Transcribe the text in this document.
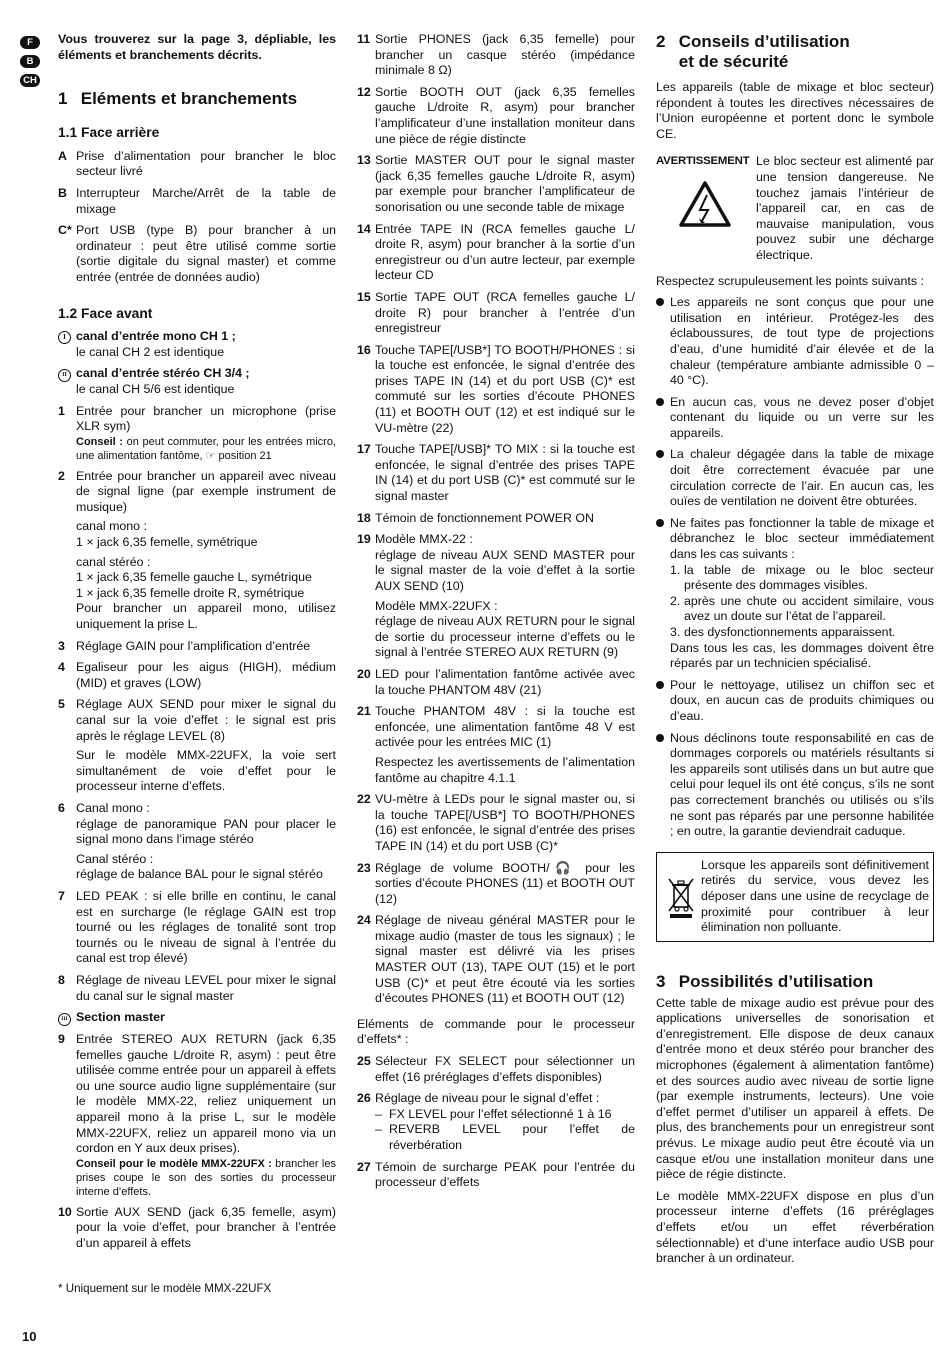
F
B
CH

Vous trouverez sur la page 3, dépliable, les éléments et branchements décrits.

1 Eléments et branchements
1.1 Face arrière
A Prise d’alimentation pour brancher le bloc secteur livré
B Interrupteur Marche/Arrêt de la table de mixage
C* Port USB (type B) pour brancher à un ordinateur : peut être utilisé comme sortie (sortie digitale du signal master) et comme entrée (entrée de données audio)
1.2 Face avant
I canal d’entrée mono CH 1 ;
le canal CH 2 est identique
II canal d’entrée stéréo CH 3/4 ;
le canal CH 5/6 est identique
1 Entrée pour brancher un microphone (prise XLR sym)
Conseil : on peut commuter, pour les entrées micro, une alimentation fantôme, ☞ position 21
2 Entrée pour brancher un appareil avec niveau de signal ligne (par exemple instrument de musique)
canal mono :
1 × jack 6,35 femelle, symétrique
canal stéréo :
1 × jack 6,35 femelle gauche L, symétrique
1 × jack 6,35 femelle droite R, symétrique
Pour brancher un appareil mono, utilisez uniquement la prise L.
3 Réglage GAIN pour l’amplification d’entrée
4 Egaliseur pour les aigus (HIGH), médium (MID) et graves (LOW)
5 Réglage AUX SEND pour mixer le signal du canal sur la voie d’effet : le signal est pris après le réglage LEVEL (8)
Sur le modèle MMX-22UFX, la voie sert simultanément de voie d’effet pour le processeur interne d’effets.
6 Canal mono :
réglage de panoramique PAN pour placer le signal mono dans l’image stéréo
Canal stéréo :
réglage de balance BAL pour le signal stéréo
7 LED PEAK : si elle brille en continu, le canal est en surcharge (le réglage GAIN est trop tourné ou les réglages de tonalité sont trop tournés ou le niveau de signal à l’entrée du canal est trop élevé)
8 Réglage de niveau LEVEL pour mixer le signal du canal sur le signal master
III Section master
9 Entrée STEREO AUX RETURN (jack 6,35 femelles gauche L/droite R, asym) : peut être utilisée comme entrée pour un appareil à effets ou une source audio ligne supplémentaire (sur le modèle MMX-22, reliez uniquement un appareil mono à la prise L, sur le modèle MMX-22UFX, reliez un appareil mono via un cordon en Y aux deux prises).
Conseil pour le modèle MMX-22UFX : brancher les prises coupe le son des sorties du processeur interne d’effets.
10 Sortie AUX SEND (jack 6,35 femelle, asym) pour la voie d’effet, pour brancher à l’entrée d’un appareil à effets
11 Sortie PHONES (jack 6,35 femelle) pour brancher un casque stéréo (impédance minimale 8 Ω)
12 Sortie BOOTH OUT (jack 6,35 femelles gauche L/droite R, asym) pour brancher l’amplificateur d’une installation moniteur dans une pièce de régie distincte
13 Sortie MASTER OUT pour le signal master (jack 6,35 femelles gauche L/droite R, asym) par exemple pour brancher l’amplificateur de sonorisation ou une seconde table de mixage
14 Entrée TAPE IN (RCA femelles gauche L/ droite R, asym) pour brancher à la sortie d’un enregistreur ou d’un autre lecteur, par exemple lecteur CD
15 Sortie TAPE OUT (RCA femelles gauche L/ droite R) pour brancher à l’entrée d’un enregistreur
16 Touche TAPE[/USB*] TO BOOTH/PHONES : si la touche est enfoncée, le signal d’entrée des prises TAPE IN (14) et du port USB (C)* est commuté sur les sorties d’écoute PHONES (11) et BOOTH OUT (12) et est indiqué sur le VU-mètre (22)
17 Touche TAPE[/USB]* TO MIX : si la touche est enfoncée, le signal d’entrée des prises TAPE IN (14) et du port USB (C)* est commuté sur le signal master
18 Témoin de fonctionnement POWER ON
19 Modèle MMX-22 :
réglage de niveau AUX SEND MASTER pour le signal master de la voie d’effet à la sortie AUX SEND (10)
Modèle MMX-22UFX :
réglage de niveau AUX RETURN pour le signal de sortie du processeur interne d’effets ou le signal à l’entrée STEREO AUX RETURN (9)
20 LED pour l’alimentation fantôme activée avec la touche PHANTOM 48V (21)
21 Touche PHANTOM 48V : si la touche est enfoncée, une alimentation fantôme 48 V est activée pour les entrées MIC (1)
Respectez les avertissements de l’alimentation fantôme au chapitre 4.1.1
22 VU-mètre à LEDs pour le signal master ou, si la touche TAPE[/USB*] TO BOOTH/PHONES (16) est enfoncée, le signal d’entrée des prises TAPE IN (14) et du port USB (C)*
23 Réglage de volume BOOTH/🎧 pour les sorties d’écoute PHONES (11) et BOOTH OUT (12)
24 Réglage de niveau général MASTER pour le mixage audio (master de tous les signaux) ; le signal master est délivré via les prises MASTER OUT (13), TAPE OUT (15) et le port USB (C)* et peut être écouté via les sorties d’écoutes PHONES (11) et BOOTH OUT (12)

Eléments de commande pour le processeur d’effets* :

25 Sélecteur FX SELECT pour sélectionner un effet (16 préréglages d’effets disponibles)
26 Réglage de niveau pour le signal d’effet :
– FX LEVEL pour l’effet sélectionné 1 à 16
– REVERB LEVEL pour l’effet de réverbération
27 Témoin de surcharge PEAK pour l’entrée du processeur d’effets
2 Conseils d’utilisation
et de sécurité

Les appareils (table de mixage et bloc secteur) répondent à toutes les directives nécessaires de l’Union européenne et portent donc le symbole CE.

AVERTISSEMENT Le bloc secteur est alimenté par une tension dangereuse. Ne touchez jamais l’intérieur de l’appareil car, en cas de mauvaise manipulation, vous pouvez subir une décharge électrique.

Respectez scrupuleusement les points suivants :

Les appareils ne sont conçus que pour une utilisation en intérieur. Protégez-les des éclaboussures, de tout type de projections d’eau, d’une humidité d’air élevée et de la chaleur (température ambiante admissible 0 – 40 °C).
En aucun cas, vous ne devez poser d’objet contenant du liquide ou un verre sur les appareils.
La chaleur dégagée dans la table de mixage doit être correctement évacuée par une circulation correcte de l’air. En aucun cas, les ouïes de ventilation ne doivent être obturées.
Ne faites pas fonctionner la table de mixage et débranchez le bloc secteur immédiatement dans les cas suivants :
1. la table de mixage ou le bloc secteur présente des dommages visibles.
2. après une chute ou accident similaire, vous avez un doute sur l’état de l’appareil.
3. des dysfonctionnements apparaissent.
Dans tous les cas, les dommages doivent être réparés par un technicien spécialisé.
Pour le nettoyage, utilisez un chiffon sec et doux, en aucun cas de produits chimiques ou d’eau.
Nous déclinons toute responsabilité en cas de dommages corporels ou matériels résultants si les appareils sont utilisés dans un but autre que celui pour lequel ils ont été conçus, s’ils ne sont pas correctement branchés ou utilisés ou s’ils ne sont pas réparés par une personne habilitée ; en outre, la garantie deviendrait caduque.
Lorsque les appareils sont définitivement retirés du service, vous devez les déposer dans une usine de recyclage de proximité pour contribuer à leur élimination non polluante.
3 Possibilités d’utilisation

Cette table de mixage audio est prévue pour des applications universelles de sonorisation et d’enregistrement. Elle dispose de deux canaux d’entrée mono et deux stéréo pour brancher des microphones (également à alimentation fantôme) et des sources audio avec niveau de sortie ligne (par exemple instruments, lecteurs). Une voie d’effet permet d’utiliser un appareil à effets. De plus, des branchements pour un enregistreur sont prévus. Le mixage audio peut être écouté via un casque et/ou une installation moniteur dans une pièce de régie distincte.

Le modèle MMX-22UFX dispose en plus d’un processeur interne d’effets (16 préréglages d’effets et/ou un effet réverbération sélectionnable) et d‘une interface audio USB pour brancher à un ordinateur.

* Uniquement sur le modèle MMX-22UFX
10
